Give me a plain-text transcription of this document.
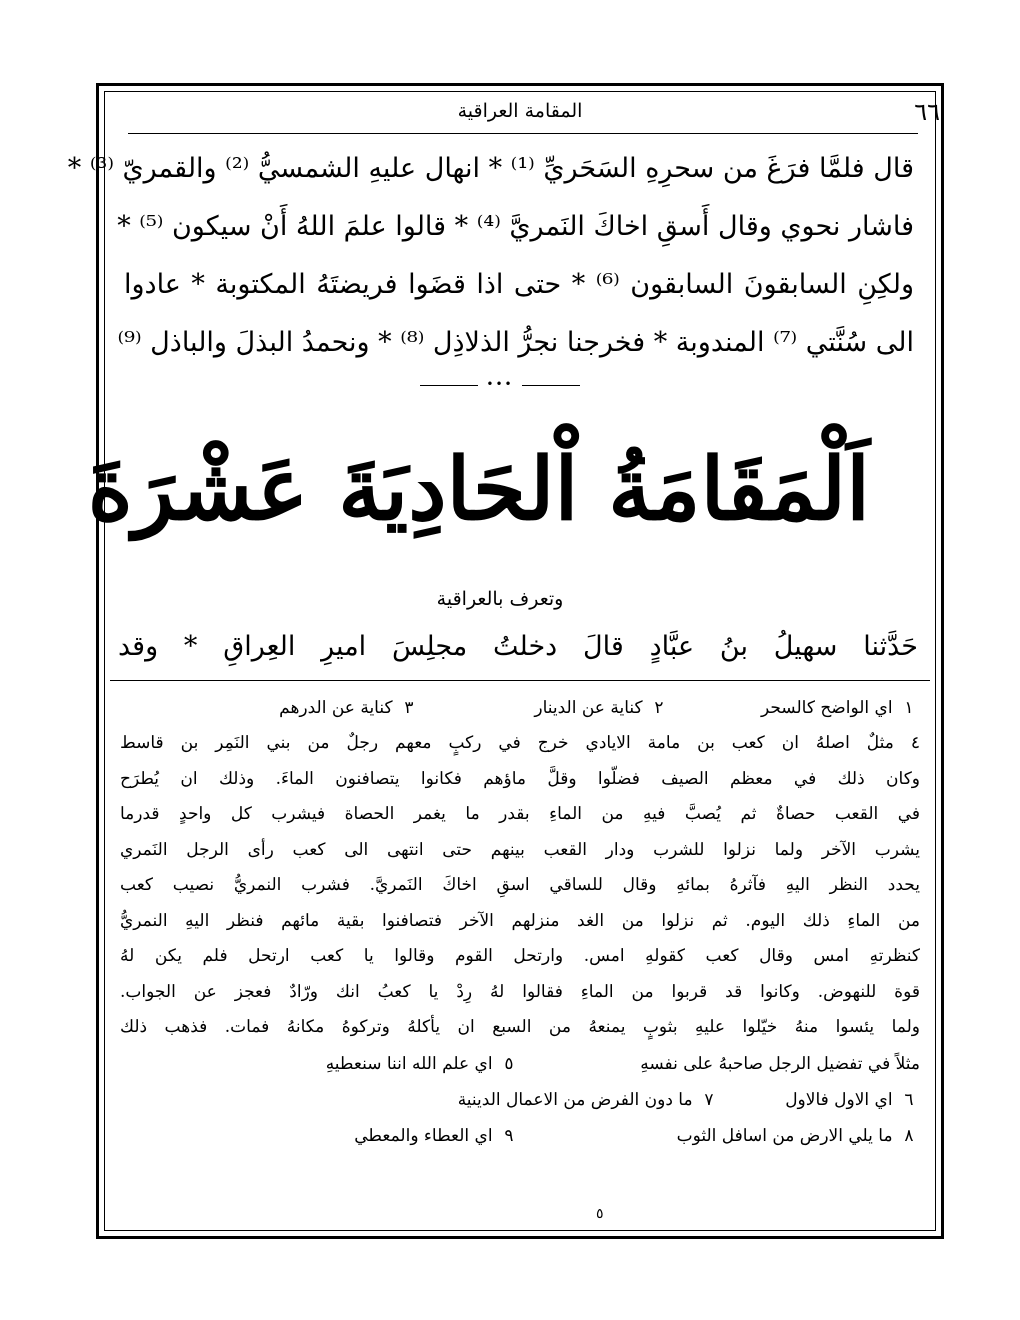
٦٦
المقامة العراقية
قال فلمَّا فرَغَ من سحرِهِ السَحَريِّ ⁽¹⁾ * انهال عليهِ الشمسيُّ ⁽²⁾ والقمريّ ⁽³⁾ *
فاشار نحوي وقال أَسقِ اخاكَ النَمريَّ ⁽⁴⁾ * قالوا علمَ اللهُ أَنْ سيكون ⁽⁵⁾ *
ولكِنِ السابقونَ السابقون ⁽⁶⁾ * حتى اذا قضَوا فريضتَهُ المكتوبة * عادوا
الى سُنَّتي ⁽⁷⁾ المندوبة * فخرجنا نجرُّ الذلاذِل ⁽⁸⁾ * ونحمدُ البذلَ والباذل ⁽⁹⁾
•••
اَلْمَقَامَةُ اْلحَادِيَةَ عَشْرَةَ
وتعرف بالعراقية
حَدَّثنا سهيلُ بنُ عبَّادٍ قالَ دخلتُ مجلِسَ اميرِ العِراقِ * وقد
١ اي الواضح كالسحر
٢ كناية عن الدينار
٣ كناية عن الدرهم
٤ مثلٌ اصلهُ ان كعب بن مامة الايادي خرج في ركبٍ معهم رجلٌ من بني النَمِر بن قاسط
وكان ذلك في معظم الصيف فضلّوا وقلَّ ماؤهم فكانوا يتصافنون الماءَ. وذلك ان يُطرَح
في القعب حصاةٌ ثم يُصبَّ فيهِ من الماءِ بقدر ما يغمر الحصاة فيشرب كل واحدٍ قدرما
يشرب الآخر ولما نزلوا للشرب ودار القعب بينهم حتى انتهى الى كعب رأى الرجل النَمري
يحدد النظر اليهِ فآثرهُ بمائهِ وقال للساقي اسقِ اخاكَ النَمريَّ. فشرب النمريُّ نصيب كعب
من الماءِ ذلك اليوم. ثم نزلوا من الغد منزلهم الآخر فتصافنوا بقية مائهم فنظر اليهِ النمريُّ
كنظرتهِ امس وقال كعب كقولهِ امس. وارتحل القوم وقالوا يا كعب ارتحل فلم يكن لهُ
قوة للنهوض. وكانوا قد قربوا من الماءِ فقالوا لهُ رِدْ يا كعبُ انك ورّادٌ فعجز عن الجواب.
ولما يئسوا منهُ خيّلوا عليهِ بثوبٍ يمنعهُ من السبع ان يأكلهُ وتركوهُ مكانهُ فمات. فذهب ذلك
مثلاً في تفضيل الرجل صاحبهُ على نفسهِ
٥ اي علم الله اننا سنعطيهِ
٦ اي الاول فالاول
٧ ما دون الفرض من الاعمال الدينية
٨ ما يلي الارض من اسافل الثوب
٩ اي العطاء والمعطي
٥
